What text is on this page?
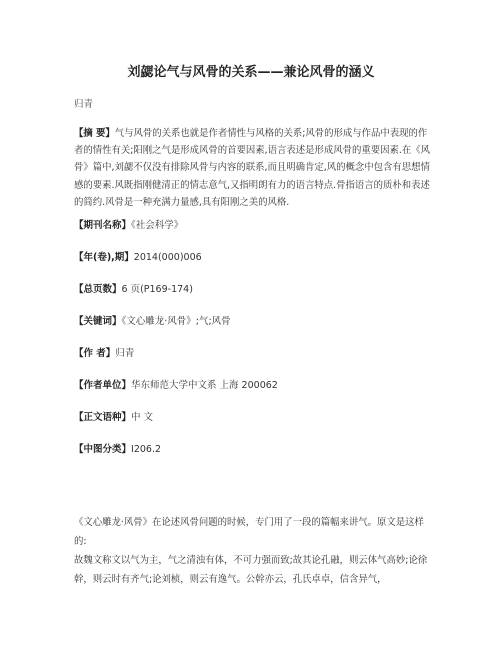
刘勰论气与风骨的关系——兼论风骨的涵义
归青
【摘 要】气与风骨的关系也就是作者情性与风格的关系;风骨的形成与作品中表现的作者的情性有关;阳刚之气是形成风骨的首要因素,语言表述是形成风骨的重要因素.在《风骨》篇中,刘勰不仅没有排除风骨与内容的联系,而且明确肯定,风的概念中包含有思想情感的要素.风既指刚健清正的情志意气,又指明朗有力的语言特点.骨指语言的质朴和表述的简约.风骨是一种充满力量感,具有阳刚之美的风格.
【期刊名称】《社会科学》
【年(卷),期】2014(000)006
【总页数】6 页(P169-174)
【关键词】《文心雕龙·风骨》;气;风骨
【作 者】归青
【作者单位】华东师范大学中文系 上海 200062
【正文语种】中 文
【中图分类】I206.2

《文心雕龙·风骨》在论述风骨问题的时候，专门用了一段的篇幅来讲气。原文是这样的:

故魏文称文以气为主，气之清浊有体，不可力强而致;故其论孔融，则云体气高妙;论徐幹，则云时有齐气;论刘桢，则云有逸气。公幹亦云，孔氏卓卓，信含异气，
